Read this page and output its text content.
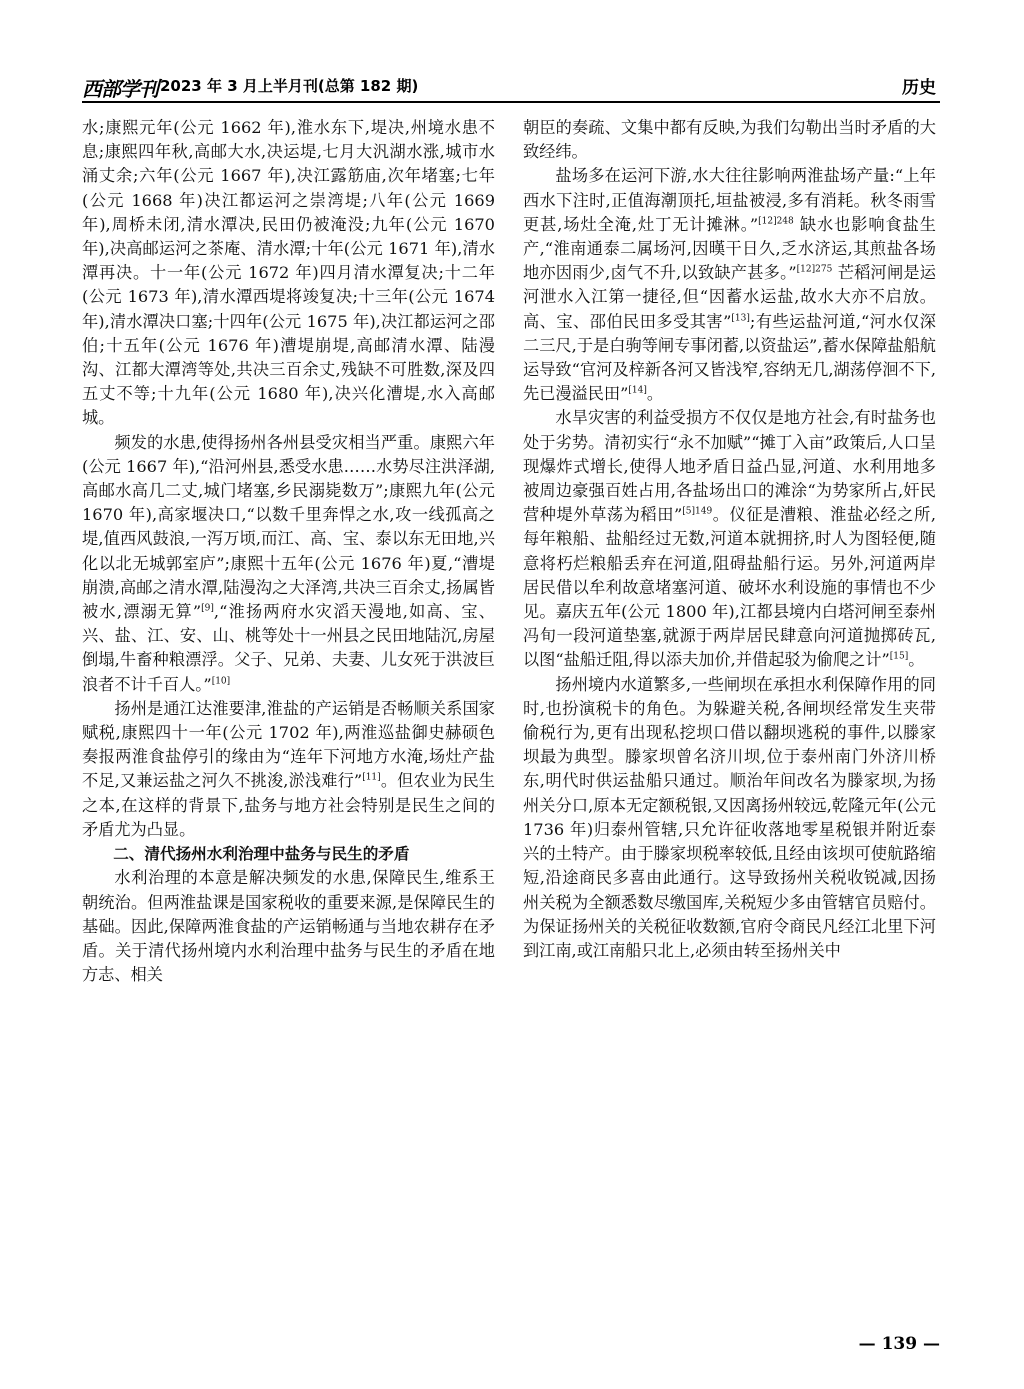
西部学刊 2023 年 3 月上半月刊(总第 182 期)	历史

水;康熙元年(公元 1662 年),淮水东下,堤决,州境水患不息;康熙四年秋,高邮大水,决运堤,七月大汎湖水涨,城市水涌丈余;六年(公元 1667 年),决江露筋庙,次年堵塞;七年(公元 1668 年)决江都运河之崇湾堤;八年(公元 1669 年),周桥未闭,清水潭决,民田仍被淹没;九年(公元 1670 年),决高邮运河之茶庵、清水潭;十年(公元 1671 年),清水潭再决。十一年(公元 1672 年)四月清水潭复决;十二年(公元 1673 年),清水潭西堤将竣复决;十三年(公元 1674 年),清水潭决口塞;十四年(公元 1675 年),决江都运河之邵伯;十五年(公元 1676 年)漕堤崩堤,高邮清水潭、陆漫沟、江都大潭湾等处,共决三百余丈,残缺不可胜数,深及四五丈不等;十九年(公元 1680 年),决兴化漕堤,水入高邮城。

频发的水患,使得扬州各州县受灾相当严重。康熙六年(公元 1667 年),“沿河州县,悉受水患……水势尽注洪泽湖,高邮水高几二丈,城门堵塞,乡民溺毙数万”;康熙九年(公元 1670 年),高家堰决口,“以数千里奔悍之水,攻一线孤高之堤,值西风鼓浪,一泻万顷,而江、高、宝、泰以东无田地,兴化以北无城郭室庐”;康熙十五年(公元 1676 年)夏,“漕堤崩溃,高邮之清水潭,陆漫沟之大泽湾,共决三百余丈,扬属皆被水,漂溺无算”[9],“淮扬两府水灾滔天漫地,如高、宝、兴、盐、江、安、山、桃等处十一州县之民田地陆沉,房屋倒塌,牛畜种粮漂浮。父子、兄弟、夫妻、儿女死于洪波巨浪者不计千百人。”[10]

扬州是通江达淮要津,淮盐的产运销是否畅顺关系国家赋税,康熙四十一年(公元 1702 年),两淮巡盐御史赫硕色奏报两淮食盐停引的缘由为“连年下河地方水淹,场灶产盐不足,又兼运盐之河久不挑浚,淤浅难行”[11]。但农业为民生之本,在这样的背景下,盐务与地方社会特别是民生之间的矛盾尤为凸显。

二、清代扬州水利治理中盐务与民生的矛盾

水利治理的本意是解决频发的水患,保障民生,维系王朝统治。但两淮盐课是国家税收的重要来源,是保障民生的基础。因此,保障两淮食盐的产运销畅通与当地农耕存在矛盾。关于清代扬州境内水利治理中盐务与民生的矛盾在地方志、相关

朝臣的奏疏、文集中都有反映,为我们勾勒出当时矛盾的大致经纬。

盐场多在运河下游,水大往往影响两淮盐场产量:“上年西水下注时,正值海潮顶托,垣盐被浸,多有消耗。秋冬雨雪更甚,场灶全淹,灶丁无计摊淋。”$^{[12]248}$ 缺水也影响食盐生产,“淮南通泰二属场河,因暵干日久,乏水济运,其煎盐各场地亦因雨少,卤气不升,以致缺产甚多。”$^{[12]275}$ 芒稻河闸是运河泄水入江第一捷径,但“因蓄水运盐,故水大亦不启放。高、宝、邵伯民田多受其害”[13];有些运盐河道,“河水仅深二三尺,于是白驹等闸专事闭蓄,以资盐运”,蓄水保障盐船航运导致“官河及梓新各河又皆浅窄,容纳无几,湖荡停洄不下,先已漫溢民田”[14]。

水旱灾害的利益受损方不仅仅是地方社会,有时盐务也处于劣势。清初实行“永不加赋”“摊丁入亩”政策后,人口呈现爆炸式增长,使得人地矛盾日益凸显,河道、水利用地多被周边豪强百姓占用,各盐场出口的滩涂“为势家所占,奸民营种堤外草荡为稻田”$^{[5]149}$。仪征是漕粮、淮盐必经之所,每年粮船、盐船经过无数,河道本就拥挤,时人为图轻便,随意将朽烂粮船丢弃在河道,阻碍盐船行运。另外,河道两岸居民借以牟利故意堵塞河道、破坏水利设施的事情也不少见。嘉庆五年(公元 1800 年),江都县境内白塔河闸至泰州冯旬一段河道垫塞,就源于两岸居民肆意向河道抛掷砖瓦,以图“盐船迁阻,得以添夫加价,并借起驳为偷爬之计”[15]。

扬州境内水道繁多,一些闸坝在承担水利保障作用的同时,也扮演税卡的角色。为躲避关税,各闸坝经常发生夹带偷税行为,更有出现私挖坝口借以翻坝逃税的事件,以滕家坝最为典型。滕家坝曾名济川坝,位于泰州南门外济川桥东,明代时供运盐船只通过。顺治年间改名为滕家坝,为扬州关分口,原本无定额税银,又因离扬州较远,乾隆元年(公元 1736 年)归泰州管辖,只允许征收落地零星税银并附近泰兴的土特产。由于滕家坝税率较低,且经由该坝可使航路缩短,沿途商民多喜由此通行。这导致扬州关税收锐减,因扬州关税为全额悉数尽缴国库,关税短少多由管辖官员赔付。为保证扬州关的关税征收数额,官府令商民凡经江北里下河到江南,或江南船只北上,必须由转至扬州关中

— 139 —
